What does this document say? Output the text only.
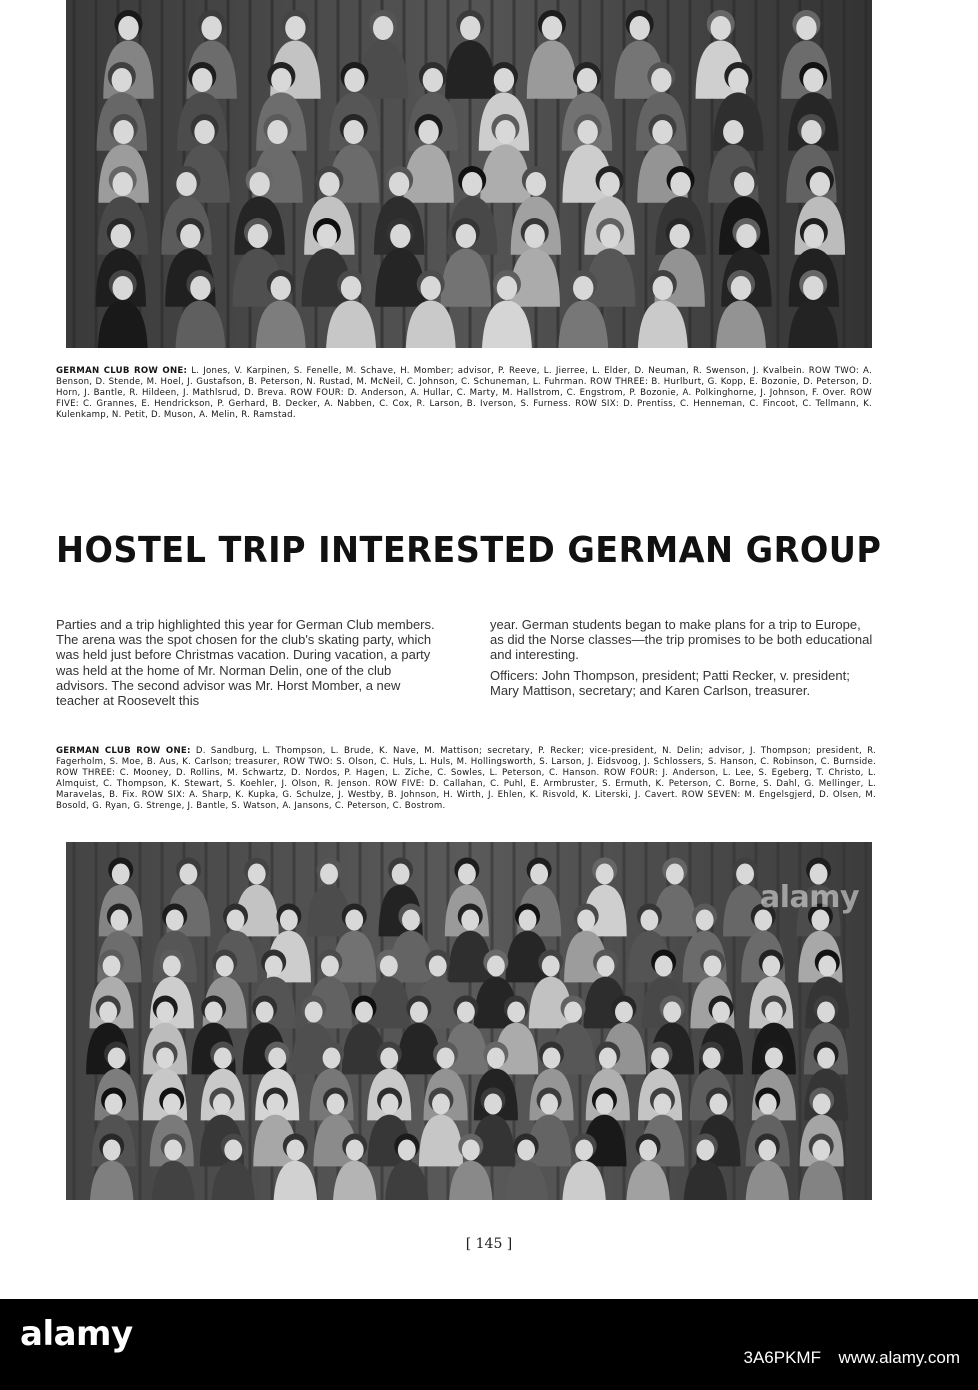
GERMAN CLUB ROW ONE: L. Jones, V. Karpinen, S. Fenelle, M. Schave, H. Momber; advisor, P. Reeve, L. Jierree, L. Elder, D. Neuman, R. Swenson, J. Kvalbein. ROW TWO: A. Benson, D. Stende, M. Hoel, J. Gustafson, B. Peterson, N. Rustad, M. McNeil, C. Johnson, C. Schuneman, L. Fuhrman. ROW THREE: B. Hurlburt, G. Kopp, E. Bozonie, D. Peterson, D. Horn, J. Bantle, R. Hildeen, J. Mathlsrud, D. Breva. ROW FOUR: D. Anderson, A. Hullar, C. Marty, M. Hallstrom, C. Engstrom, P. Bozonie, A. Polkinghorne, J. Johnson, F. Over. ROW FIVE: C. Grannes, E. Hendrickson, P. Gerhard, B. Decker, A. Nabben, C. Cox, R. Larson, B. Iverson, S. Furness. ROW SIX: D. Prentiss, C. Henneman, C. Fincoot, C. Tellmann, K. Kulenkamp, N. Petit, D. Muson, A. Melin, R. Ramstad.
HOSTEL TRIP INTERESTED GERMAN GROUP

Parties and a trip highlighted this year for German Club members. The arena was the spot chosen for the club's skating party, which was held just before Christmas vacation. During vacation, a party was held at the home of Mr. Norman Delin, one of the club advisors. The second advisor was Mr. Horst Momber, a new teacher at Roosevelt this

year. German students began to make plans for a trip to Europe, as did the Norse classes—the trip promises to be both educational and interesting.

Officers: John Thompson, president; Patti Recker, v. president; Mary Mattison, secretary; and Karen Carlson, treasurer.

GERMAN CLUB ROW ONE: D. Sandburg, L. Thompson, L. Brude, K. Nave, M. Mattison; secretary, P. Recker; vice-president, N. Delin; advisor, J. Thompson; president, R. Fagerholm, S. Moe, B. Aus, K. Carlson; treasurer, ROW TWO: S. Olson, C. Huls, L. Huls, M. Hollingsworth, S. Larson, J. Eidsvoog, J. Schlossers, S. Hanson, C. Robinson, C. Burnside. ROW THREE: C. Mooney, D. Rollins, M. Schwartz, D. Nordos, P. Hagen, L. Ziche, C. Sowles, L. Peterson, C. Hanson. ROW FOUR: J. Anderson, L. Lee, S. Egeberg, T. Christo, L. Almquist, C. Thompson, K. Stewart, S. Koehler, J. Olson, R. Jenson. ROW FIVE: D. Callahan, C. Puhl, E. Armbruster, S. Ermuth, K. Peterson, C. Borne, S. Dahl, G. Mellinger, L. Maravelas, B. Fix. ROW SIX: A. Sharp, K. Kupka, G. Schulze, J. Westby, B. Johnson, H. Wirth, J. Ehlen, K. Risvold, K. Literski, J. Cavert. ROW SEVEN: M. Engelsgjerd, D. Olsen, M. Bosold, G. Ryan, G. Strenge, J. Bantle, S. Watson, A. Jansons, C. Peterson, C. Bostrom.
alamy
alamy
[ 145 ]
alamy
3A6PKMF www.alamy.com
